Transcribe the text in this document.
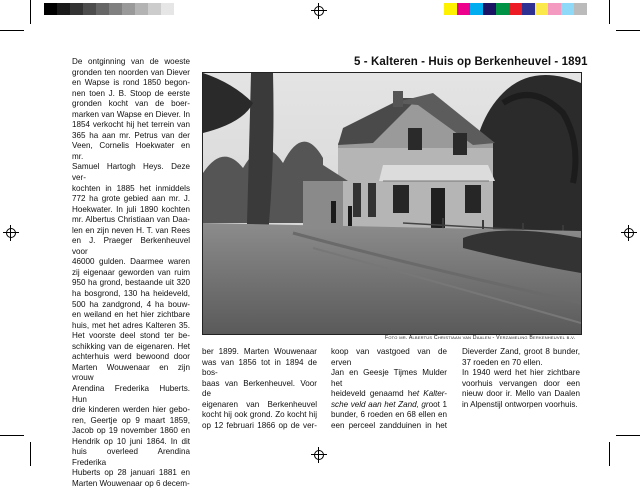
5 - Kalteren - Huis op Berkenheuvel - 1891
De ontginning van de woeste
gronden ten noorden van Diever
en Wapse is rond 1850 begon-
nen toen J. B. Stoop de eerste
gronden kocht van de boer-
marken van Wapse en Diever. In
1854 verkocht hij het terrein van
365 ha aan mr. Petrus van der
Veen, Cornelis Hoekwater en mr.
Samuel Hartogh Heys. Deze ver-
kochten in 1885 het inmiddels
772 ha grote gebied aan mr. J.
Hoekwater. In juli 1890 kochten
mr. Albertus Christiaan van Daa-
len en zijn neven H. T. van Rees
en J. Praeger Berkenheuvel voor
46000 gulden. Daarmee waren
zij eigenaar geworden van ruim
950 ha grond, bestaande uit 320
ha bosgrond, 130 ha heideveld,
500 ha zandgrond, 4 ha bouw-
en weiland en het hier zichtbare
huis, met het adres Kalteren 35.
Het voorste deel stond ter be-
schikking van de eigenaren. Het
achterhuis werd bewoond door
Marten Wouwenaar en zijn vrouw
Arendina Frederika Huberts. Hun
drie kinderen werden hier gebo-
ren, Geertje op 9 maart 1859,
Jacob op 19 november 1860 en
Hendrik op 10 juni 1864. In dit
huis overleed Arendina Frederika
Huberts op 28 januari 1881 en
Marten Wouwenaar op 6 decem-
Foto mr. Albertus Christiaan van Daalen - Verzameling Berkenheuvel b.v.
ber 1899. Marten Wouwenaar
was van 1856 tot in 1894 de bos-
baas van Berkenheuvel. Voor de
eigenaren van Berkenheuvel
kocht hij ook grond. Zo kocht hij
op 12 februari 1866 op de ver-
koop van vastgoed van de erven
Jan en Geesje Tijmes Mulder het
heideveld genaamd het Kalter-
sche veld aan het Zand, groot 1
bunder, 6 roeden en 68 ellen en
een perceel zandduinen in het
Dieverder Zand, groot 8 bunder,
37 roeden en 70 ellen.
In 1940 werd het hier zichtbare
voorhuis vervangen door een
nieuw door ir. Mello van Daalen
in Alpenstijl ontworpen voorhuis.
